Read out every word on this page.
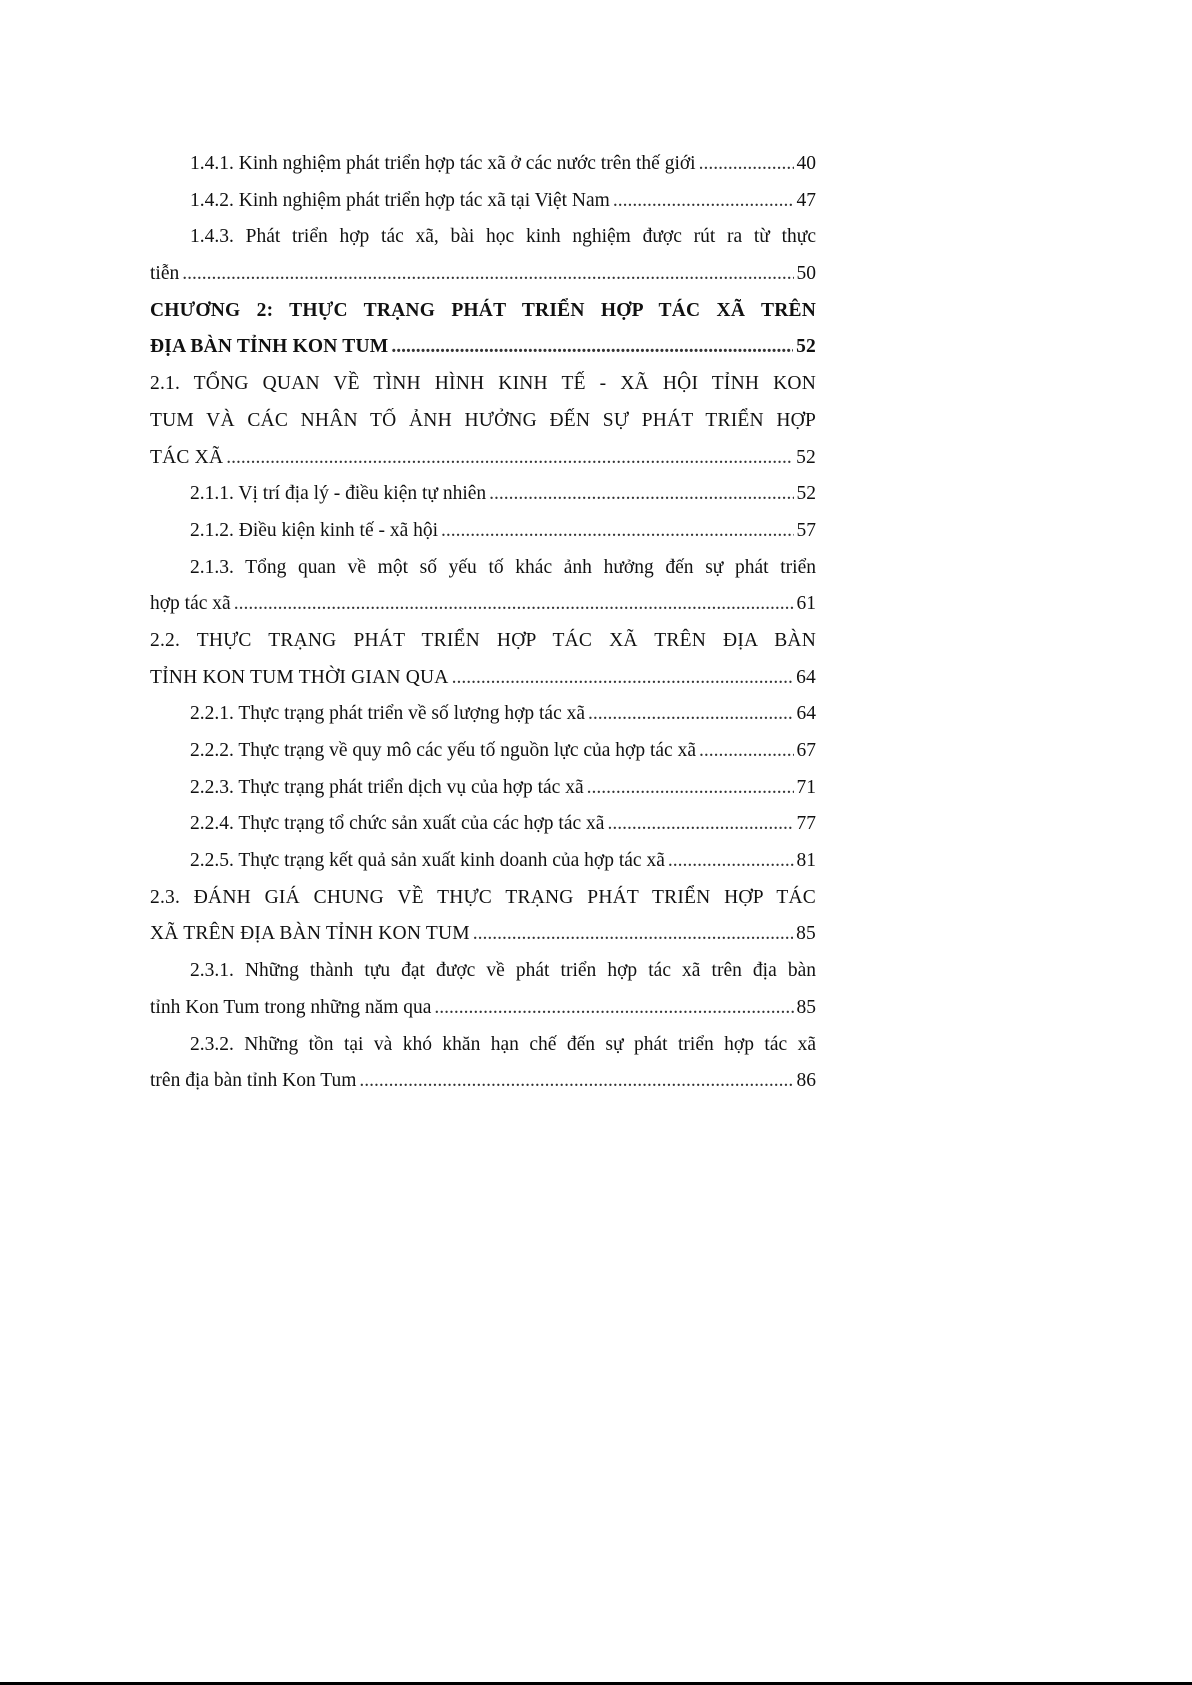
1.4.1. Kinh nghiệm phát triển hợp tác xã ở các nước trên thế giới .....	40
1.4.2. Kinh nghiệm phát triển hợp tác xã tại Việt Nam .....	47
1.4.3. Phát triển hợp tác xã, bài học kinh nghiệm được rút ra từ thực
tiễn .....	50
CHƯƠNG 2: THỰC TRẠNG PHÁT TRIỂN HỢP TÁC XÃ TRÊN
ĐỊA BÀN TỈNH KON TUM .....	52
2.1. TỔNG QUAN VỀ TÌNH HÌNH KINH TẾ - XÃ HỘI TỈNH KON
TUM VÀ CÁC NHÂN TỐ ẢNH HƯỞNG ĐẾN SỰ PHÁT TRIỂN HỢP
TÁC XÃ .....	52
2.1.1. Vị trí địa lý - điều kiện tự nhiên .....	52
2.1.2. Điều kiện kinh tế - xã hội .....	57
2.1.3. Tổng quan về một số yếu tố khác ảnh hưởng đến sự phát triển
hợp tác xã .....	61
2.2. THỰC TRẠNG PHÁT TRIỂN HỢP TÁC XÃ TRÊN ĐỊA BÀN
TỈNH KON TUM THỜI GIAN QUA .....	64
2.2.1. Thực trạng phát triển về số lượng hợp tác xã .....	64
2.2.2. Thực trạng về quy mô các yếu tố nguồn lực của hợp tác xã .....	67
2.2.3. Thực trạng phát triển dịch vụ của hợp tác xã .....	71
2.2.4. Thực trạng tổ chức sản xuất của các hợp tác xã .....	77
2.2.5. Thực trạng kết quả sản xuất kinh doanh của hợp tác xã .....	81
2.3. ĐÁNH GIÁ CHUNG VỀ THỰC TRẠNG PHÁT TRIỂN HỢP TÁC
XÃ TRÊN ĐỊA BÀN TỈNH KON TUM .....	85
2.3.1. Những thành tựu đạt được về phát triển hợp tác xã trên địa bàn
tỉnh Kon Tum trong những năm qua .....	85
2.3.2. Những tồn tại và khó khăn hạn chế đến sự phát triển hợp tác xã
trên địa bàn tỉnh Kon Tum .....	86
